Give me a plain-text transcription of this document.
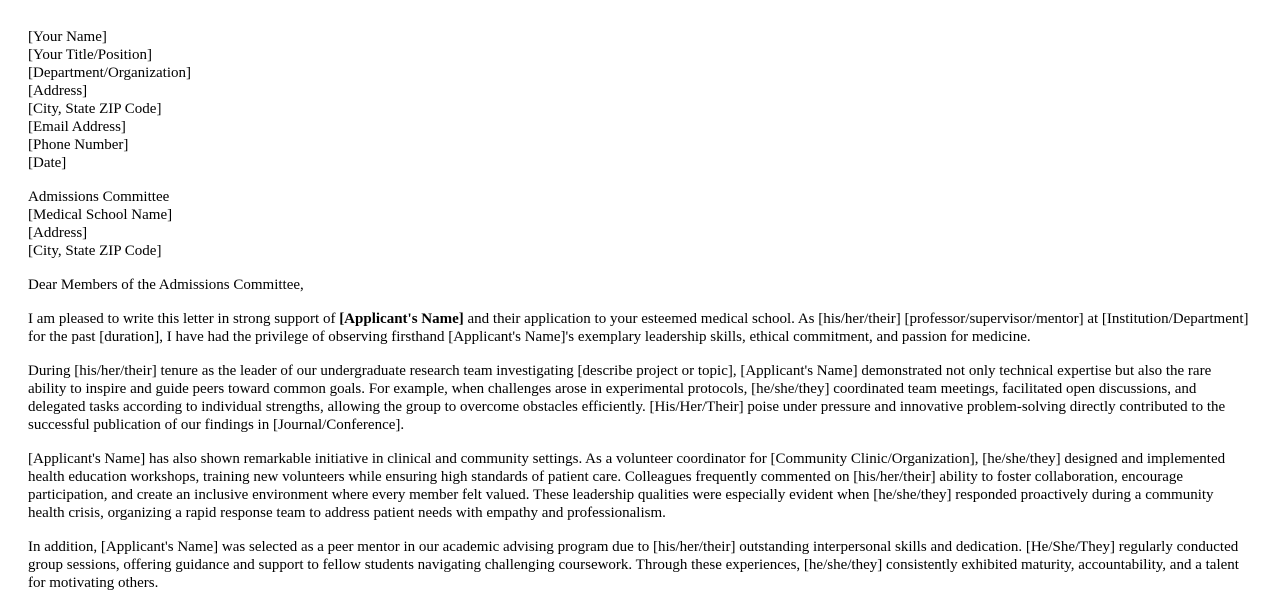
[Your Name]
[Your Title/Position]
[Department/Organization]
[Address]
[City, State ZIP Code]
[Email Address]
[Phone Number]
[Date]
Admissions Committee
[Medical School Name]
[Address]
[City, State ZIP Code]

Dear Members of the Admissions Committee,

I am pleased to write this letter in strong support of [Applicant's Name] and their application to your esteemed medical school. As [his/her/their] [professor/supervisor/mentor] at [Institution/Department] for the past [duration], I have had the privilege of observing firsthand [Applicant's Name]'s exemplary leadership skills, ethical commitment, and passion for medicine.

During [his/her/their] tenure as the leader of our undergraduate research team investigating [describe project or topic], [Applicant's Name] demonstrated not only technical expertise but also the rare ability to inspire and guide peers toward common goals. For example, when challenges arose in experimental protocols, [he/she/they] coordinated team meetings, facilitated open discussions, and delegated tasks according to individual strengths, allowing the group to overcome obstacles efficiently. [His/Her/Their] poise under pressure and innovative problem-solving directly contributed to the successful publication of our findings in [Journal/Conference].

[Applicant's Name] has also shown remarkable initiative in clinical and community settings. As a volunteer coordinator for [Community Clinic/Organization], [he/she/they] designed and implemented health education workshops, training new volunteers while ensuring high standards of patient care. Colleagues frequently commented on [his/her/their] ability to foster collaboration, encourage participation, and create an inclusive environment where every member felt valued. These leadership qualities were especially evident when [he/she/they] responded proactively during a community health crisis, organizing a rapid response team to address patient needs with empathy and professionalism.

In addition, [Applicant's Name] was selected as a peer mentor in our academic advising program due to [his/her/their] outstanding interpersonal skills and dedication. [He/She/They] regularly conducted group sessions, offering guidance and support to fellow students navigating challenging coursework. Through these experiences, [he/she/they] consistently exhibited maturity, accountability, and a talent for motivating others.
